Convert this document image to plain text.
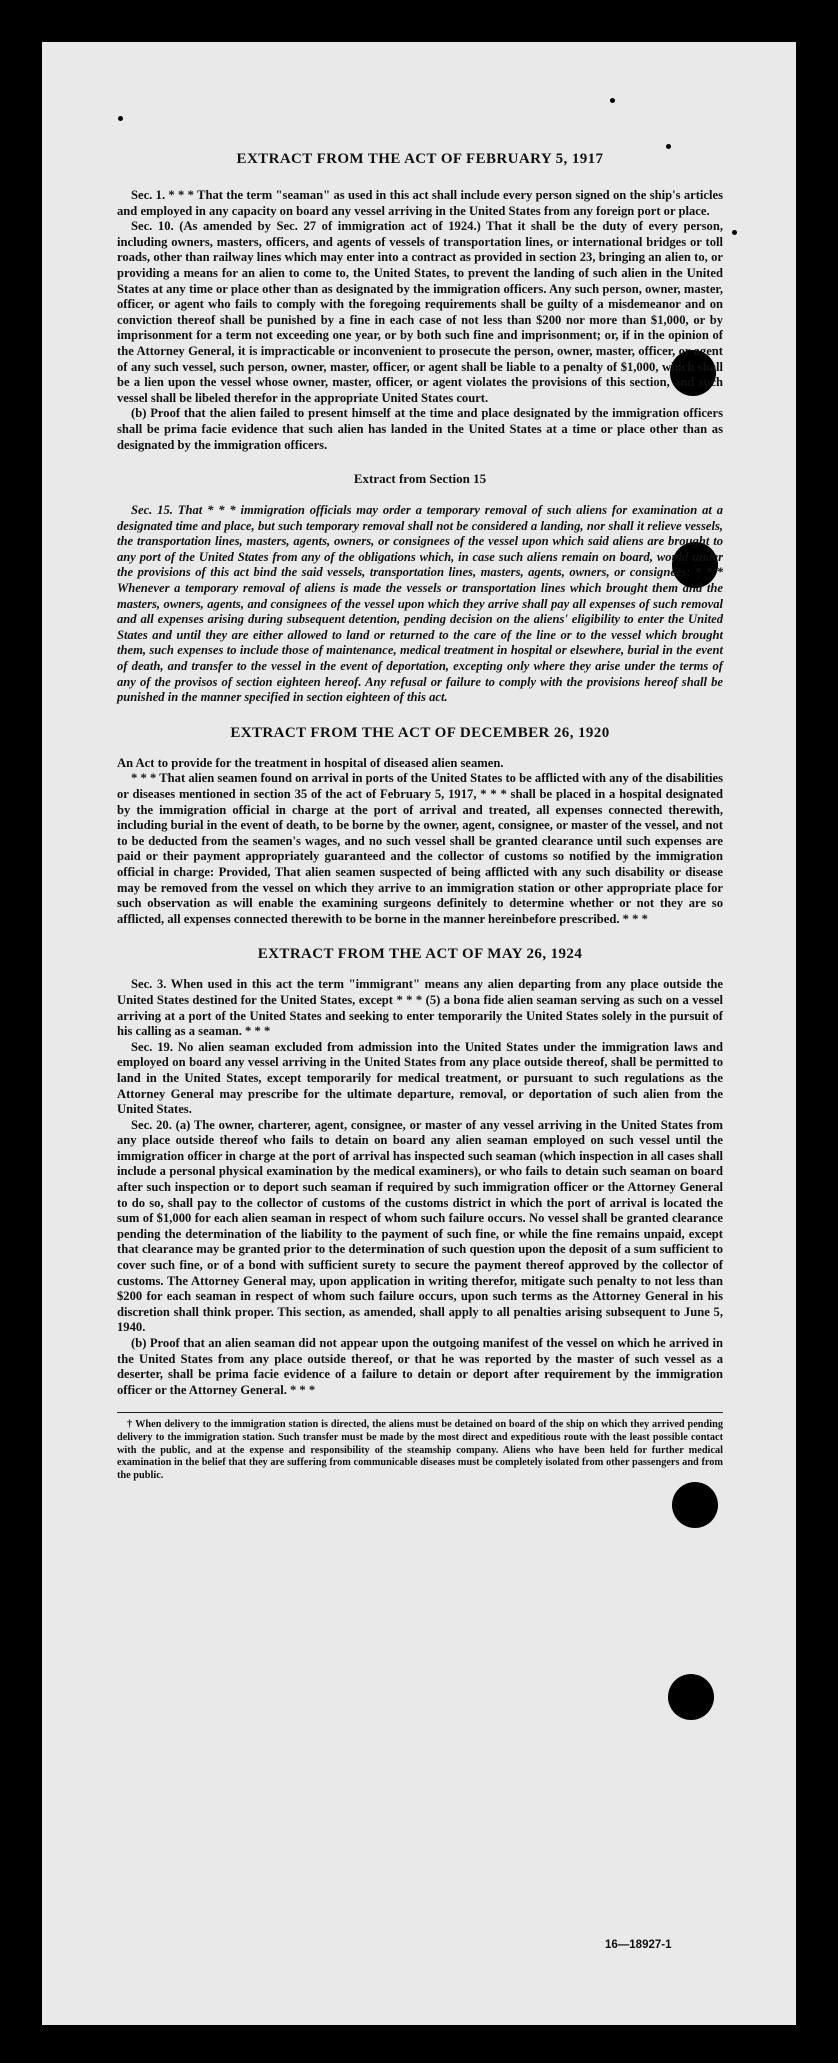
EXTRACT FROM THE ACT OF FEBRUARY 5, 1917

Sec. 1. * * * That the term "seaman" as used in this act shall include every person signed on the ship's articles and employed in any capacity on board any vessel arriving in the United States from any foreign port or place.

Sec. 10. (As amended by Sec. 27 of immigration act of 1924.) That it shall be the duty of every person, including owners, masters, officers, and agents of vessels of transportation lines, or international bridges or toll roads, other than railway lines which may enter into a contract as provided in section 23, bringing an alien to, or providing a means for an alien to come to, the United States, to prevent the landing of such alien in the United States at any time or place other than as designated by the immigration officers. Any such person, owner, master, officer, or agent who fails to comply with the foregoing requirements shall be guilty of a misdemeanor and on conviction thereof shall be punished by a fine in each case of not less than $200 nor more than $1,000, or by imprisonment for a term not exceeding one year, or by both such fine and imprisonment; or, if in the opinion of the Attorney General, it is impracticable or inconvenient to prosecute the person, owner, master, officer, or agent of any such vessel, such person, owner, master, officer, or agent shall be liable to a penalty of $1,000, which shall be a lien upon the vessel whose owner, master, officer, or agent violates the provisions of this section, and such vessel shall be libeled therefor in the appropriate United States court.

(b) Proof that the alien failed to present himself at the time and place designated by the immigration officers shall be prima facie evidence that such alien has landed in the United States at a time or place other than as designated by the immigration officers.

Extract from Section 15

Sec. 15. That * * * immigration officials may order a temporary removal of such aliens for examination at a designated time and place, but such temporary removal shall not be considered a landing, nor shall it relieve vessels, the transportation lines, masters, agents, owners, or consignees of the vessel upon which said aliens are brought to any port of the United States from any of the obligations which, in case such aliens remain on board, would under the provisions of this act bind the said vessels, transportation lines, masters, agents, owners, or consignees: * * * Whenever a temporary removal of aliens is made the vessels or transportation lines which brought them and the masters, owners, agents, and consignees of the vessel upon which they arrive shall pay all expenses of such removal and all expenses arising during subsequent detention, pending decision on the aliens' eligibility to enter the United States and until they are either allowed to land or returned to the care of the line or to the vessel which brought them, such expenses to include those of maintenance, medical treatment in hospital or elsewhere, burial in the event of death, and transfer to the vessel in the event of deportation, excepting only where they arise under the terms of any of the provisos of section eighteen hereof. Any refusal or failure to comply with the provisions hereof shall be punished in the manner specified in section eighteen of this act.

EXTRACT FROM THE ACT OF DECEMBER 26, 1920

An Act to provide for the treatment in hospital of diseased alien seamen.

* * * That alien seamen found on arrival in ports of the United States to be afflicted with any of the disabilities or diseases mentioned in section 35 of the act of February 5, 1917, * * * shall be placed in a hospital designated by the immigration official in charge at the port of arrival and treated, all expenses connected therewith, including burial in the event of death, to be borne by the owner, agent, consignee, or master of the vessel, and not to be deducted from the seamen's wages, and no such vessel shall be granted clearance until such expenses are paid or their payment appropriately guaranteed and the collector of customs so notified by the immigration official in charge: Provided, That alien seamen suspected of being afflicted with any such disability or disease may be removed from the vessel on which they arrive to an immigration station or other appropriate place for such observation as will enable the examining surgeons definitely to determine whether or not they are so afflicted, all expenses connected therewith to be borne in the manner hereinbefore prescribed. * * *

EXTRACT FROM THE ACT OF MAY 26, 1924

Sec. 3. When used in this act the term "immigrant" means any alien departing from any place outside the United States destined for the United States, except * * * (5) a bona fide alien seaman serving as such on a vessel arriving at a port of the United States and seeking to enter temporarily the United States solely in the pursuit of his calling as a seaman. * * *

Sec. 19. No alien seaman excluded from admission into the United States under the immigration laws and employed on board any vessel arriving in the United States from any place outside thereof, shall be permitted to land in the United States, except temporarily for medical treatment, or pursuant to such regulations as the Attorney General may prescribe for the ultimate departure, removal, or deportation of such alien from the United States.

Sec. 20. (a) The owner, charterer, agent, consignee, or master of any vessel arriving in the United States from any place outside thereof who fails to detain on board any alien seaman employed on such vessel until the immigration officer in charge at the port of arrival has inspected such seaman (which inspection in all cases shall include a personal physical examination by the medical examiners), or who fails to detain such seaman on board after such inspection or to deport such seaman if required by such immigration officer or the Attorney General to do so, shall pay to the collector of customs of the customs district in which the port of arrival is located the sum of $1,000 for each alien seaman in respect of whom such failure occurs. No vessel shall be granted clearance pending the determination of the liability to the payment of such fine, or while the fine remains unpaid, except that clearance may be granted prior to the determination of such question upon the deposit of a sum sufficient to cover such fine, or of a bond with sufficient surety to secure the payment thereof approved by the collector of customs. The Attorney General may, upon application in writing therefor, mitigate such penalty to not less than $200 for each seaman in respect of whom such failure occurs, upon such terms as the Attorney General in his discretion shall think proper. This section, as amended, shall apply to all penalties arising subsequent to June 5, 1940.

(b) Proof that an alien seaman did not appear upon the outgoing manifest of the vessel on which he arrived in the United States from any place outside thereof, or that he was reported by the master of such vessel as a deserter, shall be prima facie evidence of a failure to detain or deport after requirement by the immigration officer or the Attorney General. * * *

† When delivery to the immigration station is directed, the aliens must be detained on board of the ship on which they arrived pending delivery to the immigration station. Such transfer must be made by the most direct and expeditious route with the least possible contact with the public, and at the expense and responsibility of the steamship company. Aliens who have been held for further medical examination in the belief that they are suffering from communicable diseases must be completely isolated from other passengers and from the public.

16—18927-1
